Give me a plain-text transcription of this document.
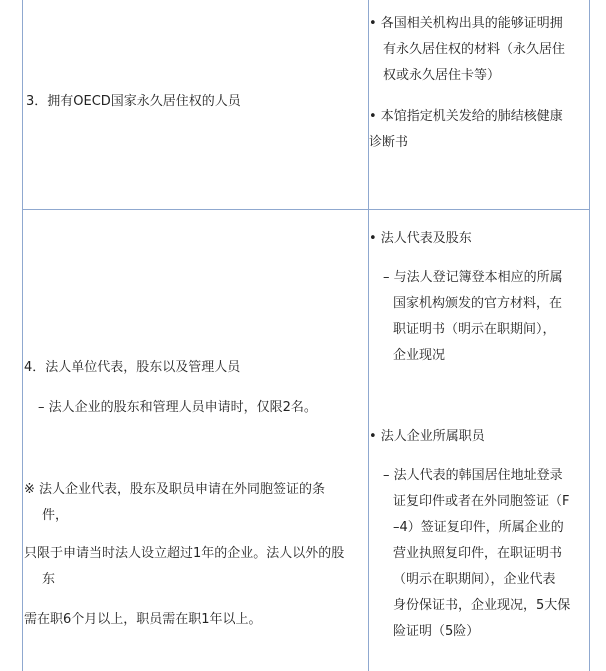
3．拥有OECD国家永久居住权的人员
• 各国相关机构出具的能够证明拥
有永久居住权的材料（永久居住
权或永久居住卡等）
• 本馆指定机关发给的肺结核健康
诊断书
4．法人单位代表，股东以及管理人员
– 法人企业的股东和管理人员申请时，仅限2名。
※ 法人企业代表，股东及职员申请在外同胞签证的条
件，
只限于申请当时法人设立超过1年的企业。法人以外的股
东
需在职6个月以上，职员需在职1年以上。
• 法人代表及股东
– 与法人登记簿登本相应的所属
国家机构颁发的官方材料，在
职证明书（明示在职期间），
企业现况
• 法人企业所属职员
– 法人代表的韩国居住地址登录
证复印件或者在外同胞签证（F
–4）签证复印件，所属企业的
营业执照复印件，在职证明书
（明示在职期间），企业代表
身份保证书，企业现况，5大保
险证明（5险）
